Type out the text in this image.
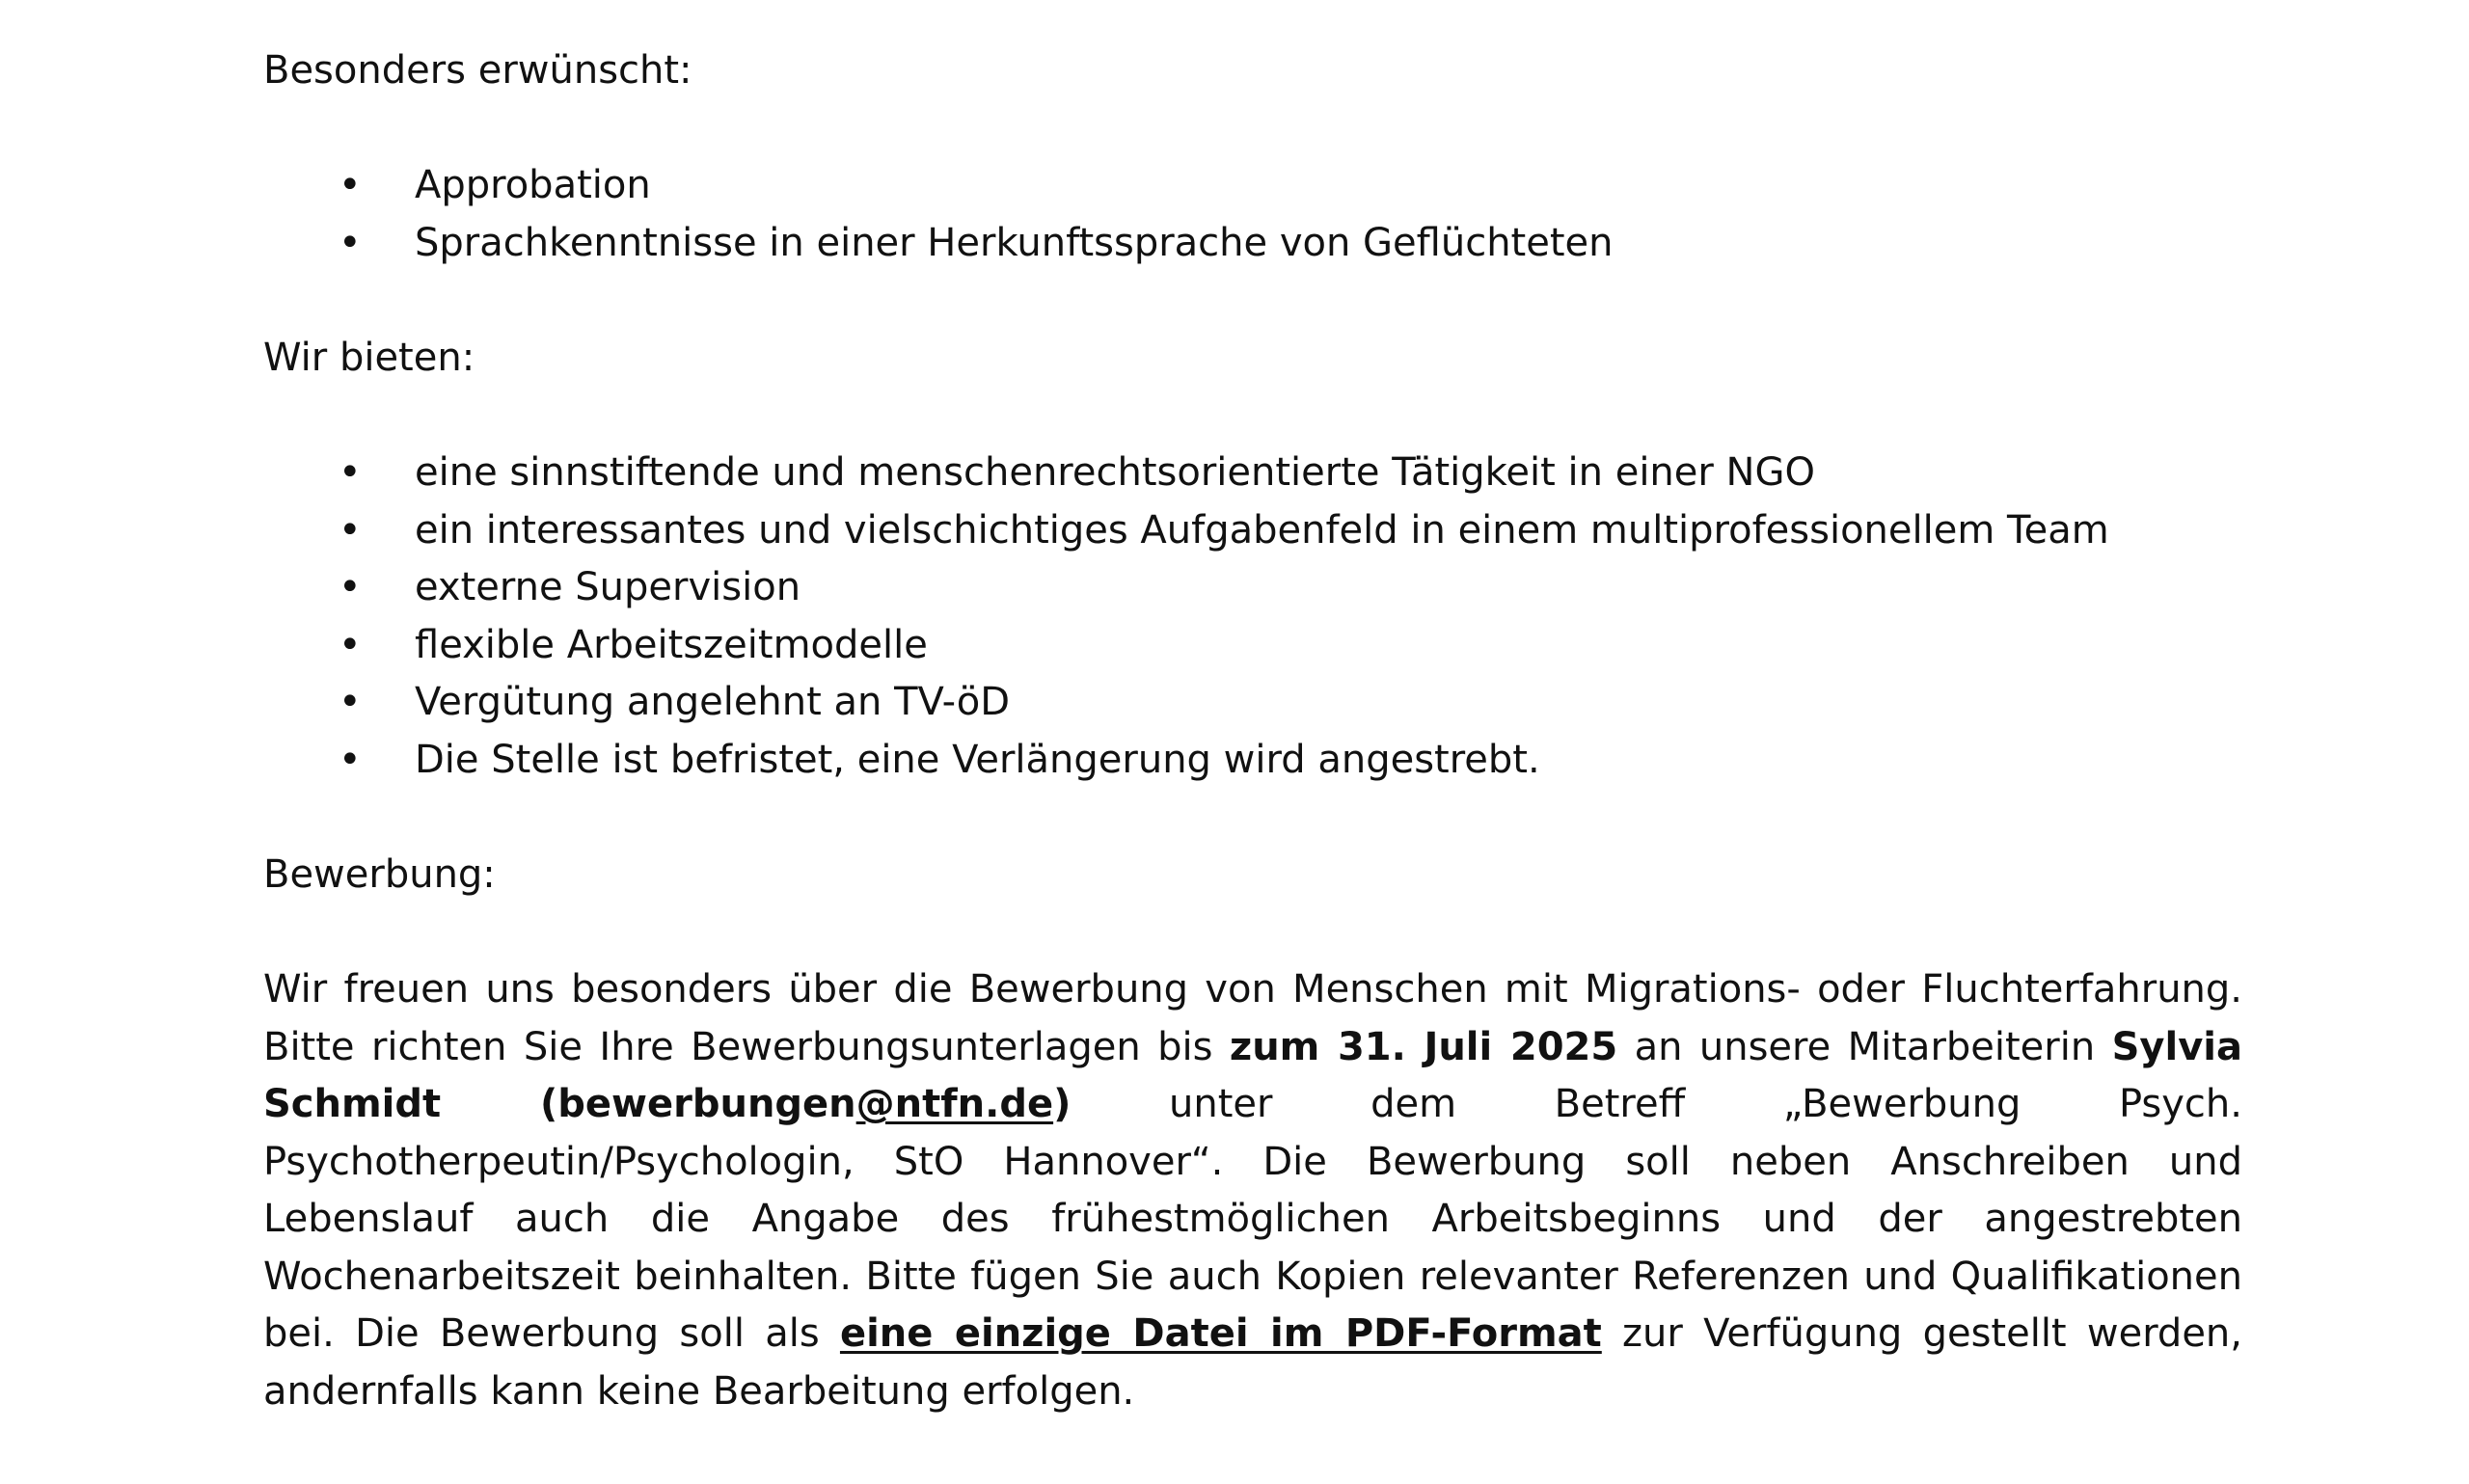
Besonders erwünscht:

• Approbation
• Sprachkenntnisse in einer Herkunftssprache von Geflüchteten

Wir bieten:

• eine sinnstiftende und menschenrechtsorientierte Tätigkeit in einer NGO
• ein interessantes und vielschichtiges Aufgabenfeld in einem multiprofessionellem Team
• externe Supervision
• flexible Arbeitszeitmodelle
• Vergütung angelehnt an TV-öD
• Die Stelle ist befristet, eine Verlängerung wird angestrebt.

Bewerbung:

Wir freuen uns besonders über die Bewerbung von Menschen mit Migrations- oder Fluchterfahrung. Bitte richten Sie Ihre Bewerbungsunterlagen bis zum 31. Juli 2025 an unsere Mitarbeiterin Sylvia Schmidt (bewerbungen@ntfn.de) unter dem Betreff „Bewerbung Psych. Psychotherpeutin/Psychologin, StO Hannover“. Die Bewerbung soll neben Anschreiben und Lebenslauf auch die Angabe des frühestmöglichen Arbeitsbeginns und der angestrebten Wochenarbeitszeit beinhalten. Bitte fügen Sie auch Kopien relevanter Referenzen und Qualifikationen bei. Die Bewerbung soll als eine einzige Datei im PDF-Format zur Verfügung gestellt werden, andernfalls kann keine Bearbeitung erfolgen.
